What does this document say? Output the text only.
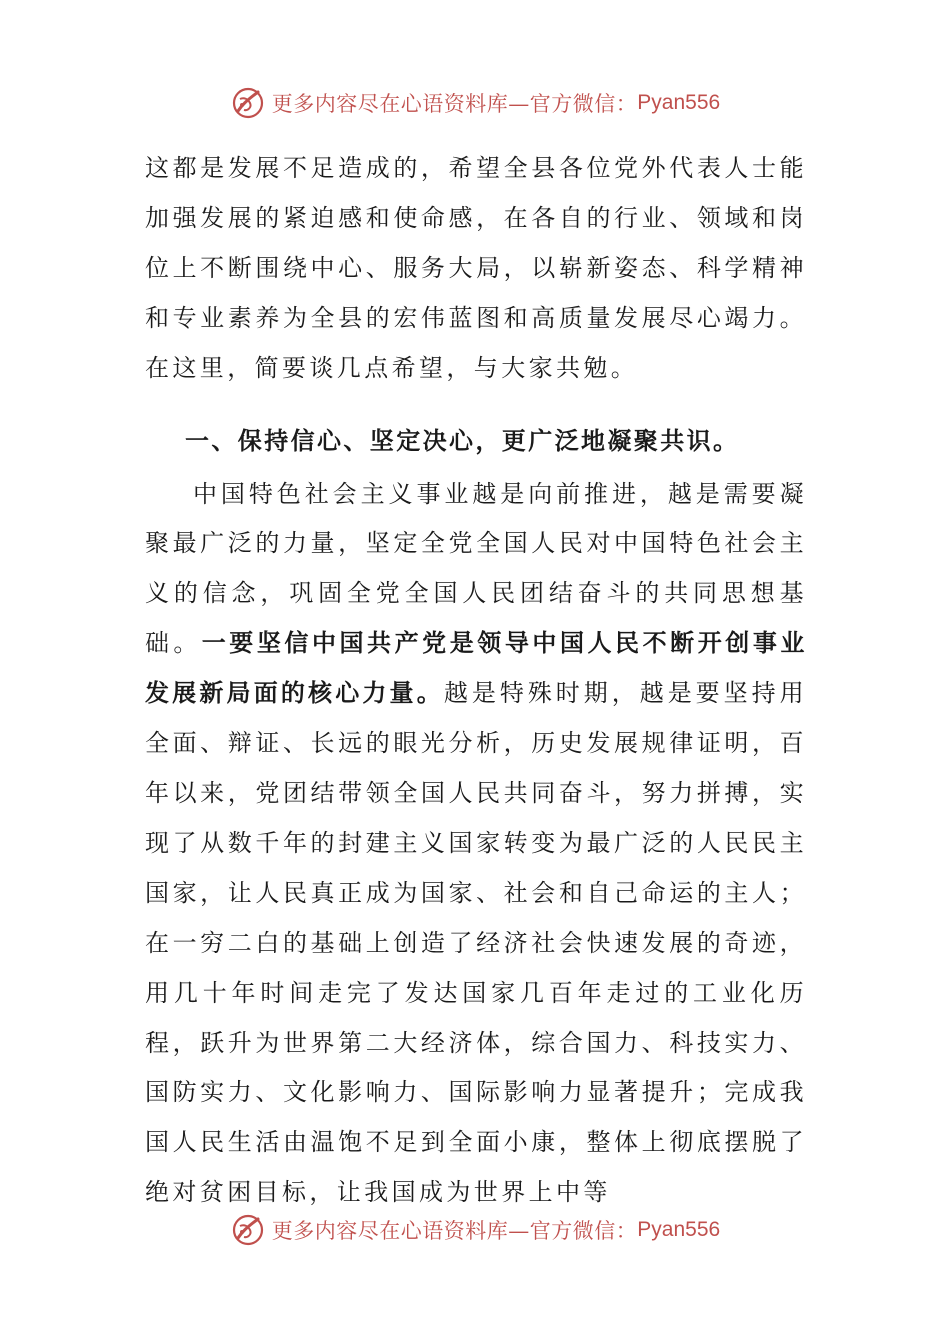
更多内容尽在心语资料库—官方微信： Pyan556

这都是发展不足造成的，希望全县各位党外代表人士能加强发展的紧迫感和使命感，在各自的行业、领域和岗位上不断围绕中心、服务大局，以崭新姿态、科学精神和专业素养为全县的宏伟蓝图和高质量发展尽心竭力。在这里，简要谈几点希望，与大家共勉。

一、保持信心、坚定决心，更广泛地凝聚共识。

中国特色社会主义事业越是向前推进，越是需要凝聚最广泛的力量，坚定全党全国人民对中国特色社会主义的信念，巩固全党全国人民团结奋斗的共同思想基础。一要坚信中国共产党是领导中国人民不断开创事业发展新局面的核心力量。越是特殊时期，越是要坚持用全面、辩证、长远的眼光分析，历史发展规律证明，百年以来，党团结带领全国人民共同奋斗，努力拼搏，实现了从数千年的封建主义国家转变为最广泛的人民民主国家，让人民真正成为国家、社会和自己命运的主人；在一穷二白的基础上创造了经济社会快速发展的奇迹，用几十年时间走完了发达国家几百年走过的工业化历程，跃升为世界第二大经济体，综合国力、科技实力、国防实力、文化影响力、国际影响力显著提升；完成我国人民生活由温饱不足到全面小康，整体上彻底摆脱了绝对贫困目标，让我国成为世界上中等

更多内容尽在心语资料库—官方微信： Pyan556
